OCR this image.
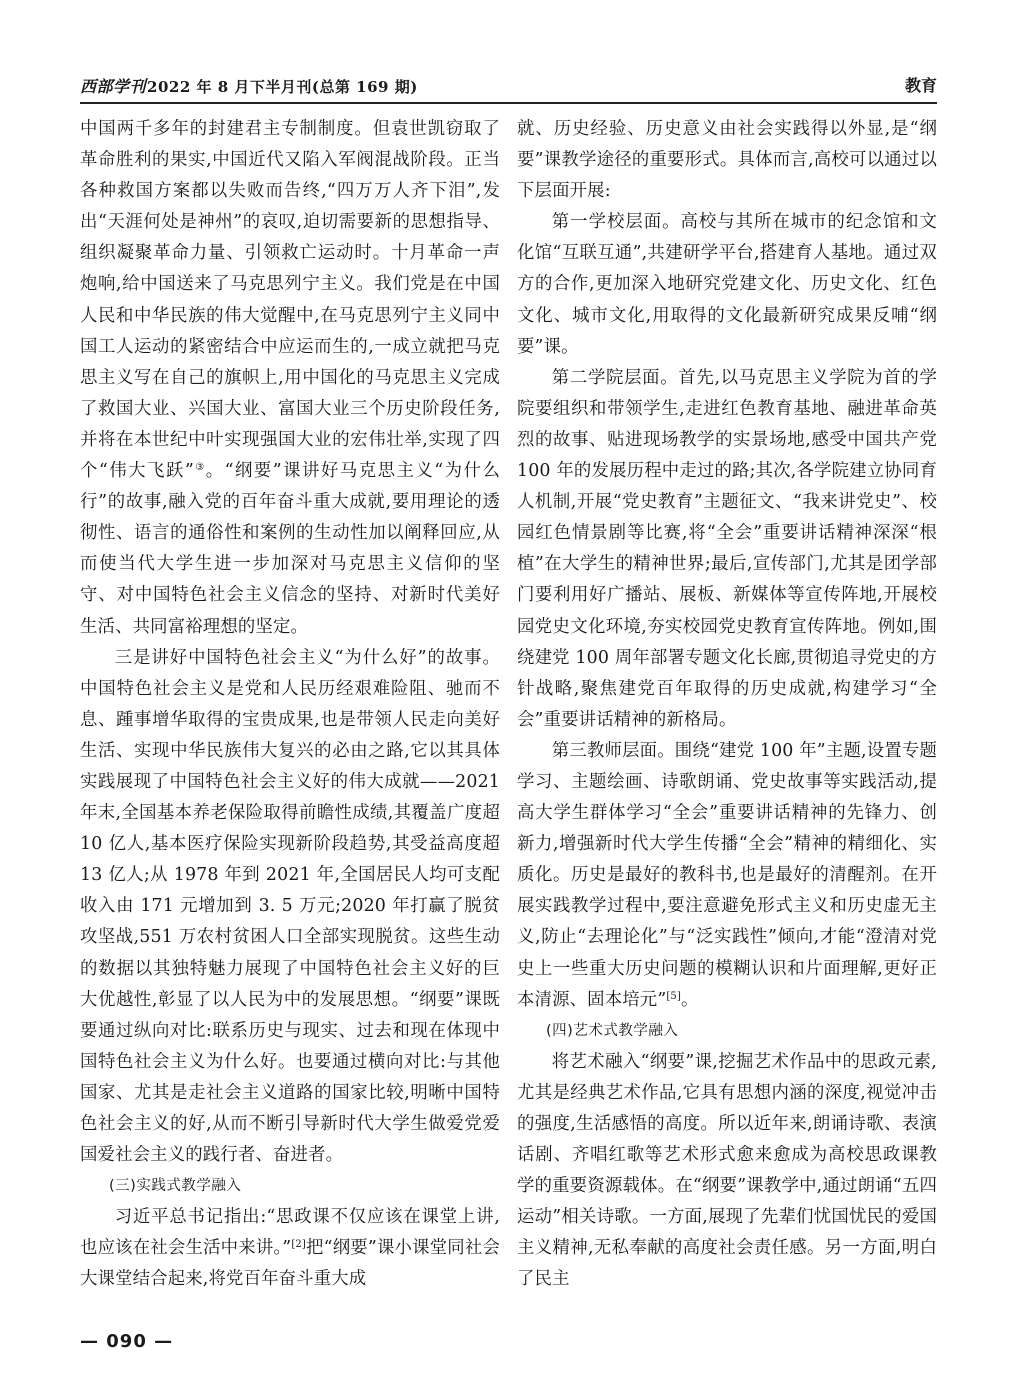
西部学刊2022 年 8 月下半月刊(总第 169 期)	教育

中国两千多年的封建君主专制制度。但袁世凯窃取了革命胜利的果实,中国近代又陷入军阀混战阶段。正当各种救国方案都以失败而告终,“四万万人齐下泪”,发出“天涯何处是神州”的哀叹,迫切需要新的思想指导、组织凝聚革命力量、引领救亡运动时。十月革命一声炮响,给中国送来了马克思列宁主义。我们党是在中国人民和中华民族的伟大觉醒中,在马克思列宁主义同中国工人运动的紧密结合中应运而生的,一成立就把马克思主义写在自己的旗帜上,用中国化的马克思主义完成了救国大业、兴国大业、富国大业三个历史阶段任务,并将在本世纪中叶实现强国大业的宏伟壮举,实现了四个“伟大飞跃”③。“纲要”课讲好马克思主义“为什么行”的故事,融入党的百年奋斗重大成就,要用理论的透彻性、语言的通俗性和案例的生动性加以阐释回应,从而使当代大学生进一步加深对马克思主义信仰的坚守、对中国特色社会主义信念的坚持、对新时代美好生活、共同富裕理想的坚定。

三是讲好中国特色社会主义“为什么好”的故事。中国特色社会主义是党和人民历经艰难险阻、驰而不息、踵事增华取得的宝贵成果,也是带领人民走向美好生活、实现中华民族伟大复兴的必由之路,它以其具体实践展现了中国特色社会主义好的伟大成就——2021 年末,全国基本养老保险取得前瞻性成绩,其覆盖广度超 10 亿人,基本医疗保险实现新阶段趋势,其受益高度超 13 亿人;从 1978 年到 2021 年,全国居民人均可支配收入由 171 元增加到 3. 5 万元;2020 年打赢了脱贫攻坚战,551 万农村贫困人口全部实现脱贫。这些生动的数据以其独特魅力展现了中国特色社会主义好的巨大优越性,彰显了以人民为中的发展思想。“纲要”课既要通过纵向对比:联系历史与现实、过去和现在体现中国特色社会主义为什么好。也要通过横向对比:与其他国家、尤其是走社会主义道路的国家比较,明晰中国特色社会主义的好,从而不断引导新时代大学生做爱党爱国爱社会主义的践行者、奋进者。

(三)实践式教学融入

习近平总书记指出:“思政课不仅应该在课堂上讲,也应该在社会生活中来讲。”[2]把“纲要”课小课堂同社会大课堂结合起来,将党百年奋斗重大成

就、历史经验、历史意义由社会实践得以外显,是“纲要”课教学途径的重要形式。具体而言,高校可以通过以下层面开展:

第一学校层面。高校与其所在城市的纪念馆和文化馆“互联互通”,共建研学平台,搭建育人基地。通过双方的合作,更加深入地研究党建文化、历史文化、红色文化、城市文化,用取得的文化最新研究成果反哺“纲要”课。

第二学院层面。首先,以马克思主义学院为首的学院要组织和带领学生,走进红色教育基地、融进革命英烈的故事、贴进现场教学的实景场地,感受中国共产党 100 年的发展历程中走过的路;其次,各学院建立协同育人机制,开展“党史教育”主题征文、“我来讲党史”、校园红色情景剧等比赛,将“全会”重要讲话精神深深“根植”在大学生的精神世界;最后,宣传部门,尤其是团学部门要利用好广播站、展板、新媒体等宣传阵地,开展校园党史文化环境,夯实校园党史教育宣传阵地。例如,围绕建党 100 周年部署专题文化长廊,贯彻追寻党史的方针战略,聚焦建党百年取得的历史成就,构建学习“全会”重要讲话精神的新格局。

第三教师层面。围绕“建党 100 年”主题,设置专题学习、主题绘画、诗歌朗诵、党史故事等实践活动,提高大学生群体学习“全会”重要讲话精神的先锋力、创新力,增强新时代大学生传播“全会”精神的精细化、实质化。历史是最好的教科书,也是最好的清醒剂。在开展实践教学过程中,要注意避免形式主义和历史虚无主义,防止“去理论化”与“泛实践性”倾向,才能“澄清对党史上一些重大历史问题的模糊认识和片面理解,更好正本清源、固本培元”[5]。

(四)艺术式教学融入

将艺术融入“纲要”课,挖掘艺术作品中的思政元素,尤其是经典艺术作品,它具有思想内涵的深度,视觉冲击的强度,生活感悟的高度。所以近年来,朗诵诗歌、表演话剧、齐唱红歌等艺术形式愈来愈成为高校思政课教学的重要资源载体。在“纲要”课教学中,通过朗诵“五四运动”相关诗歌。一方面,展现了先辈们忧国忧民的爱国主义精神,无私奉献的高度社会责任感。另一方面,明白了民主

— 090 —
